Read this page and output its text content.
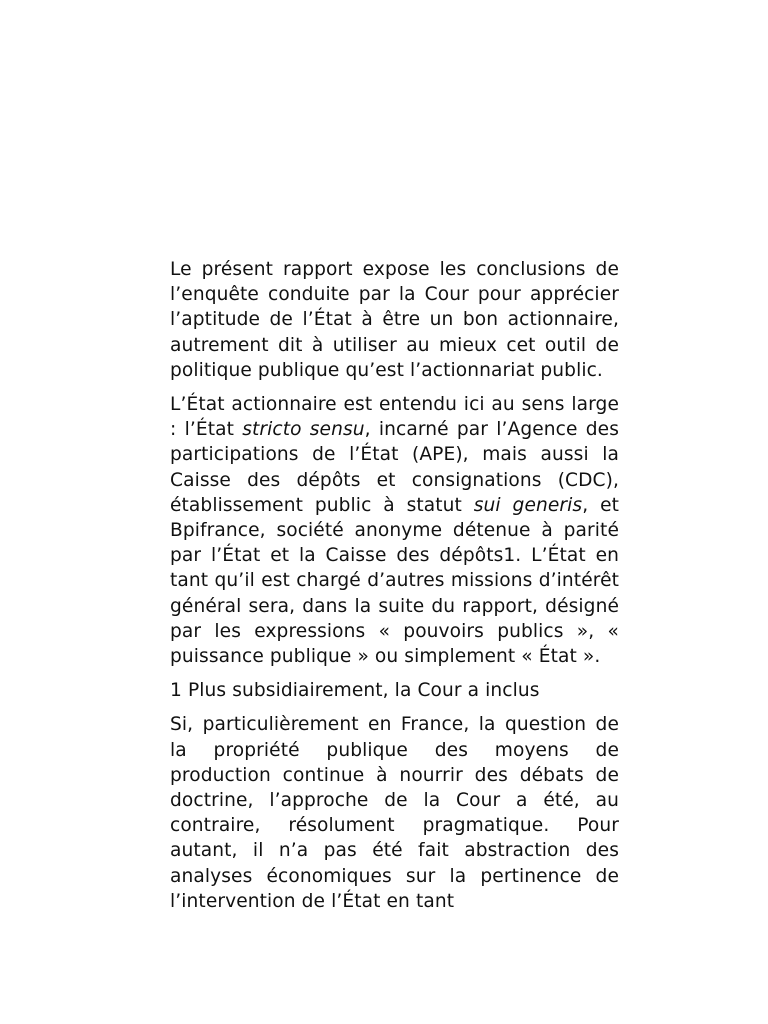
Le présent rapport expose les conclusions de l’enquête conduite par la Cour pour apprécier l’aptitude de l’État à être un bon actionnaire, autrement dit à utiliser au mieux cet outil de politique publique qu’est l’actionnariat public.

L’État actionnaire est entendu ici au sens large : l’État stricto sensu, incarné par l’Agence des participations de l’État (APE), mais aussi la Caisse des dépôts et consignations (CDC), établissement public à statut sui generis, et Bpifrance, société anonyme détenue à parité par l’État et la Caisse des dépôts1. L’État en tant qu’il est chargé d’autres missions d’intérêt général sera, dans la suite du rapport, désigné par les expressions « pouvoirs publics », « puissance publique » ou simplement « État ».

1 Plus subsidiairement, la Cour a inclus

Si, particulièrement en France, la question de la propriété publique des moyens de production continue à nourrir des débats de doctrine, l’approche de la Cour a été, au contraire, résolument pragmatique. Pour autant, il n’a pas été fait abstraction des analyses économiques sur la pertinence de l’intervention de l’État en tant
